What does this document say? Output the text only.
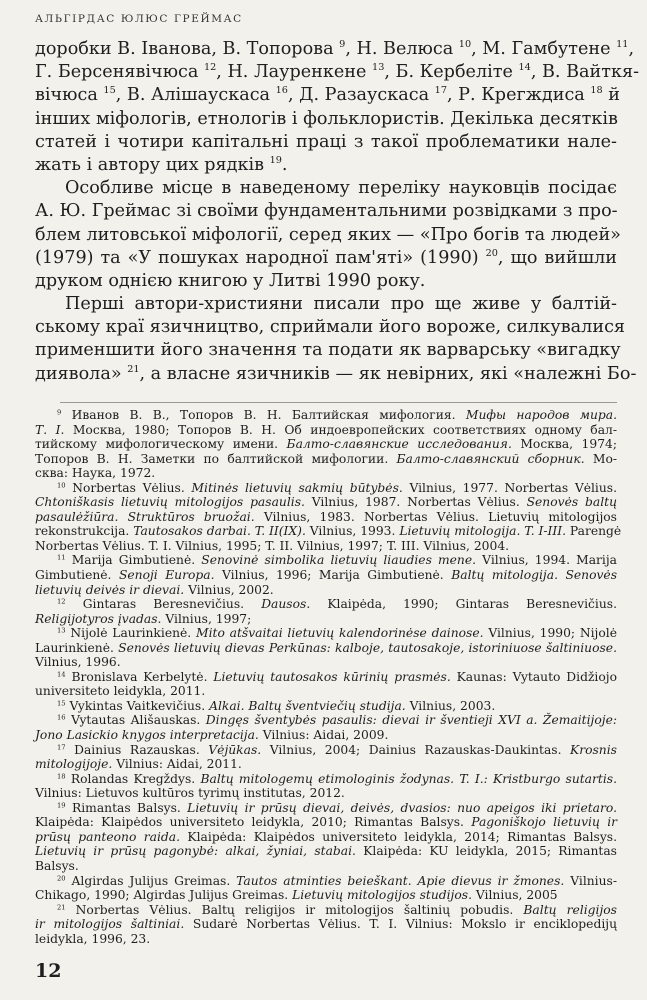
АЛЬГІРДАС ЮЛЮС ГРЕЙМАС
доробки В. Іванова, В. Топорова $^9$, Н. Велюса $^{10}$, М. Гамбутене $^{11}$,
Г. Берсенявічюса $^{12}$, Н. Лауренкене $^{13}$, Б. Кербеліте $^{14}$, В. Вайткя-
вічюса $^{15}$, В. Алішаускаса $^{16}$, Д. Разаускаса $^{17}$, Р. Крегждиса $^{18}$ й
інших міфологів, етнологів і фольклористів. Декілька десятків
статей і чотири капітальні праці з такої проблематики нале-
жать і автору цих рядків $^{19}$.
Особливе місце в наведеному переліку науковців посідає
А. Ю. Греймас зі своїми фундаментальними розвідками з про-
блем литовської міфології, серед яких — «Про богів та людей»
(1979) та «У пошуках народної пам'яті» (1990) $^{20}$, що вийшли
друком однією книгою у Литві 1990 року.
Перші автори-християни писали про ще живе у балтій-
ському краї язичництво, сприймали його вороже, силкувалися
применшити його значення та подати як варварську «вигадку
диявола» $^{21}$, а власне язичників — як невірних, які «належні Бо-
$^9$ Иванов В. В., Топоров В. Н. Балтийская мифология. Мифы народов мира.
Т. I. Москва, 1980; Топоров В. Н. Об индоевропейских соответствиях одному бал-
тийскому мифологическому имени. Балто-славянские исследования. Москва, 1974;
Топоров В. Н. Заметки по балтийской мифологии. Балто-славянский сборник. Мо-
сква: Наука, 1972.
$^{10}$ Norbertas Vėlius. Mitinės lietuvių sakmių būtybės. Vilnius, 1977. Norbertas Vėlius.
Chtoniškasis lietuvių mitologijos pasaulis. Vilnius, 1987. Norbertas Vėlius. Senovės baltų
pasaulėžiūra. Struktūros bruožai. Vilnius, 1983. Norbertas Vėlius. Lietuvių mitologijos
rekonstrukcija. Tautosakos darbai. T. II(IX). Vilnius, 1993. Lietuvių mitologija. T. I-III. Parengė
Norbertas Vėlius. T. I. Vilnius, 1995; T. II. Vilnius, 1997; T. III. Vilnius, 2004.
$^{11}$ Marija Gimbutienė. Senovinė simbolika lietuvių liaudies mene. Vilnius, 1994. Marija
Gimbutienė. Senoji Europa. Vilnius, 1996; Marija Gimbutienė. Baltų mitologija. Senovės
lietuvių deivės ir dievai. Vilnius, 2002.
$^{12}$ Gintaras Beresnevičius. Dausos. Klaipėda, 1990; Gintaras Beresnevičius.
Religijotyros įvadas. Vilnius, 1997;
$^{13}$ Nijolė Laurinkienė. Mito atšvaitai lietuvių kalendorinėse dainose. Vilnius, 1990; Nijolė
Laurinkienė. Senovės lietuvių dievas Perkūnas: kalboje, tautosakoje, istoriniuose šaltiniuose.
Vilnius, 1996.
$^{14}$ Bronislava Kerbelytė. Lietuvių tautosakos kūrinių prasmės. Kaunas: Vytauto Didžiojo
universiteto leidykla, 2011.
$^{15}$ Vykintas Vaitkevičius. Alkai. Baltų šventviečių studija. Vilnius, 2003.
$^{16}$ Vytautas Ališauskas. Dingęs šventybės pasaulis: dievai ir šventieji XVI a. Žemaitijoje:
Jono Lasickio knygos interpretacija. Vilnius: Aidai, 2009.
$^{17}$ Dainius Razauskas. Vėjūkas. Vilnius, 2004; Dainius Razauskas-Daukintas. Krosnis
mitologijoje. Vilnius: Aidai, 2011.
$^{18}$ Rolandas Kregždys. Baltų mitologemų etimologinis žodynas. T. I.: Kristburgo sutartis.
Vilnius: Lietuvos kultūros tyrimų institutas, 2012.
$^{19}$ Rimantas Balsys. Lietuvių ir prūsų dievai, deivės, dvasios: nuo apeigos iki prietaro.
Klaipėda: Klaipėdos universiteto leidykla, 2010; Rimantas Balsys. Pagoniškojo lietuvių ir
prūsų panteono raida. Klaipėda: Klaipėdos universiteto leidykla, 2014; Rimantas Balsys.
Lietuvių ir prūsų pagonybė: alkai, žyniai, stabai. Klaipėda: KU leidykla, 2015; Rimantas
Balsys.
$^{20}$ Algirdas Julijus Greimas. Tautos atminties beieškant. Apie dievus ir žmones. Vilnius-
Chikago, 1990; Algirdas Julijus Greimas. Lietuvių mitologijos studijos. Vilnius, 2005
$^{21}$ Norbertas Vėlius. Baltų religijos ir mitologijos šaltinių pobudis. Baltų religijos
ir mitologijos šaltiniai. Sudarė Norbertas Vėlius. T. I. Vilnius: Mokslo ir enciklopedijų
leidykla, 1996, 23.
12
